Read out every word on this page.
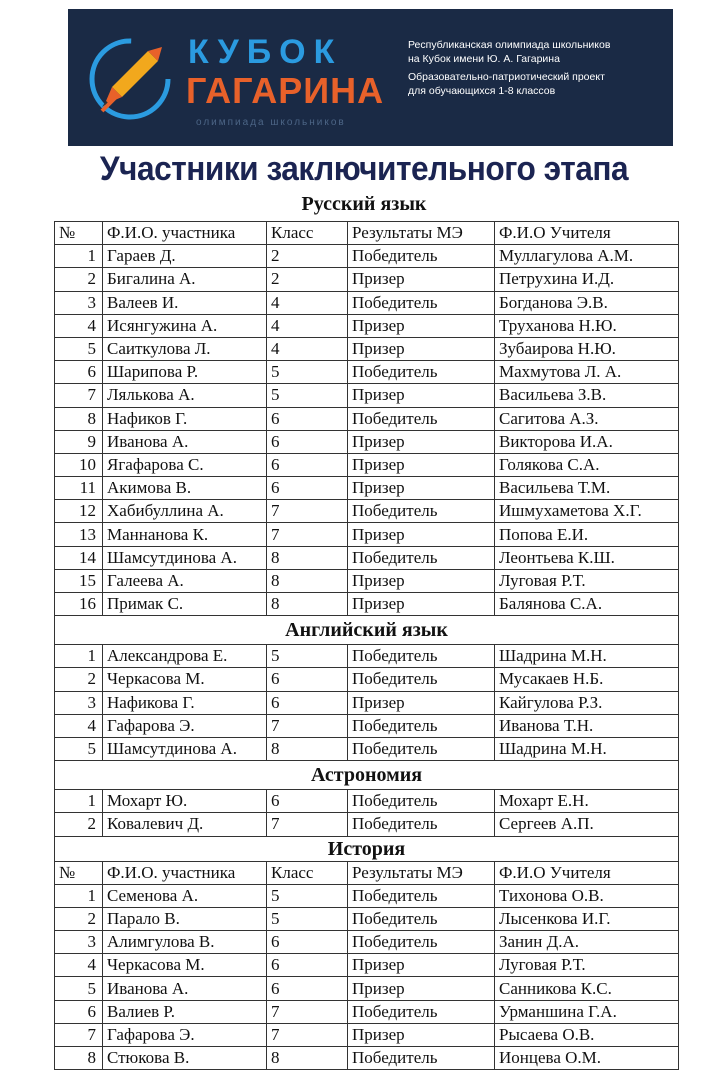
КУБОК
ГАГАРИНА
олимпиада школьников
Республиканская олимпиада школьников
на Кубок имени Ю. А. Гагарина
Образовательно-патриотический проект
для обучающихся 1-8 классов
Участники заключительного этапа
Русский язык
№	Ф.И.О. участника	Класс	Результаты МЭ	Ф.И.О Учителя
1	Гараев Д.	2	Победитель	Муллагулова А.М.
2	Бигалина А.	2	Призер	Петрухина И.Д.
3	Валеев И.	4	Победитель	Богданова Э.В.
4	Исянгужина А.	4	Призер	Труханова Н.Ю.
5	Саиткулова Л.	4	Призер	Зубаирова Н.Ю.
6	Шарипова Р.	5	Победитель	Махмутова Л. А.
7	Лялькова А.	5	Призер	Васильева З.В.
8	Нафиков Г.	6	Победитель	Сагитова А.З.
9	Иванова А.	6	Призер	Викторова И.А.
10	Ягафарова С.	6	Призер	Голякова С.А.
11	Акимова В.	6	Призер	Васильева Т.М.
12	Хабибуллина А.	7	Победитель	Ишмухаметова Х.Г.
13	Маннанова К.	7	Призер	Попова Е.И.
14	Шамсутдинова А.	8	Победитель	Леонтьева К.Ш.
15	Галеева А.	8	Призер	Луговая Р.Т.
16	Примак С.	8	Призер	Балянова С.А.
Английский язык				
1	Александрова Е.	5	Победитель	Шадрина М.Н.
2	Черкасова М.	6	Победитель	Мусакаев Н.Б.
3	Нафикова Г.	6	Призер	Кайгулова Р.З.
4	Гафарова Э.	7	Победитель	Иванова Т.Н.
5	Шамсутдинова А.	8	Победитель	Шадрина М.Н.
Астрономия				
1	Мохарт Ю.	6	Победитель	Мохарт Е.Н.
2	Ковалевич Д.	7	Победитель	Сергеев А.П.
История				
№	Ф.И.О. участника	Класс	Результаты МЭ	Ф.И.О Учителя
1	Семенова А.	5	Победитель	Тихонова О.В.
2	Парало В.	5	Победитель	Лысенкова И.Г.
3	Алимгулова В.	6	Победитель	Занин Д.А.
4	Черкасова М.	6	Призер	Луговая Р.Т.
5	Иванова А.	6	Призер	Санникова К.С.
6	Валиев Р.	7	Победитель	Урманшина Г.А.
7	Гафарова Э.	7	Призер	Рысаева О.В.
8	Стюкова В.	8	Победитель	Ионцева О.М.
